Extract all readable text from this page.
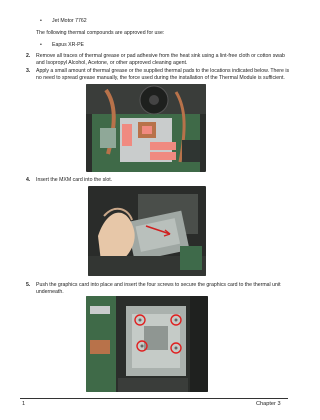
• Jet Motor 7762
The following thermal compounds are approved for use:
• Eapus XR-PE
2. Remove all traces of thermal grease or pad adhesive from the heat sink using a lint-free cloth or cotton swab
and Isopropyl Alcohol, Acetone, or other approved cleaning agent.
3. Apply a small amount of thermal grease or the supplied thermal pads to the locations indicated below. There is
no need to spread grease manually, the force used during the installation of the Thermal Module is sufficient.
4. Insert the MXM card into the slot.
5. Push the graphics card into place and insert the four screws to secure the graphics card to the thermal unit
underneath.
1	Chapter 3
